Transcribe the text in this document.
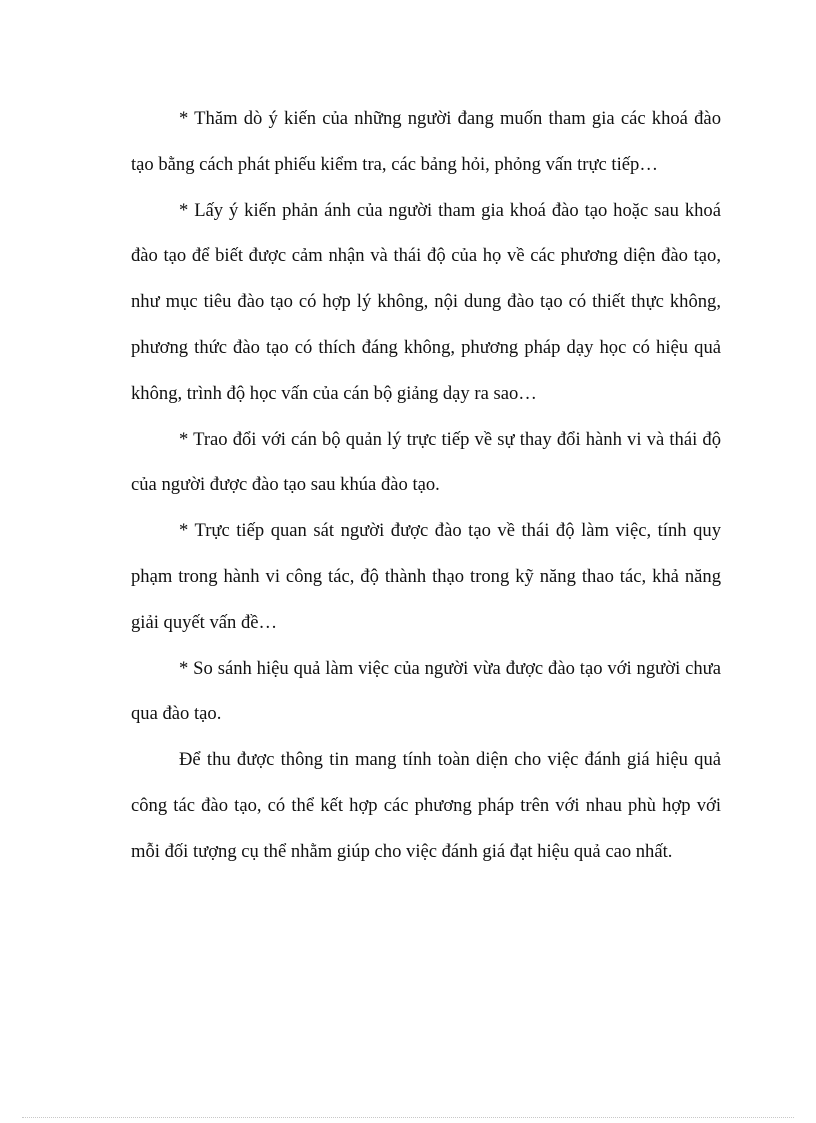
* Thăm dò ý kiến của những người đang muốn tham gia các khoá đào
tạo bằng cách phát phiếu kiểm tra, các bảng hỏi, phỏng vấn trực tiếp…

* Lấy ý kiến phản ánh của người tham gia khoá đào tạo hoặc sau khoá
đào tạo để biết được cảm nhận và thái độ của họ về các phương diện đào tạo,
như mục tiêu đào tạo có hợp lý không, nội dung đào tạo có thiết thực không,
phương thức đào tạo có thích đáng không, phương pháp dạy học có hiệu quả
không, trình độ học vấn của cán bộ giảng dạy ra sao…

* Trao đổi với cán bộ quản lý trực tiếp về sự thay đổi hành vi và thái độ
của người được đào tạo sau khúa đào tạo.

* Trực tiếp quan sát người được đào tạo về thái độ làm việc, tính quy
phạm trong hành vi công tác, độ thành thạo trong kỹ năng thao tác, khả năng
giải quyết vấn đề…

* So sánh hiệu quả làm việc của người vừa được đào tạo với người chưa
qua đào tạo.

Để thu được thông tin mang tính toàn diện cho việc đánh giá hiệu quả
công tác đào tạo, có thể kết hợp các phương pháp trên với nhau phù hợp với
mỗi đối tượng cụ thể nhằm giúp cho việc đánh giá đạt hiệu quả cao nhất.
